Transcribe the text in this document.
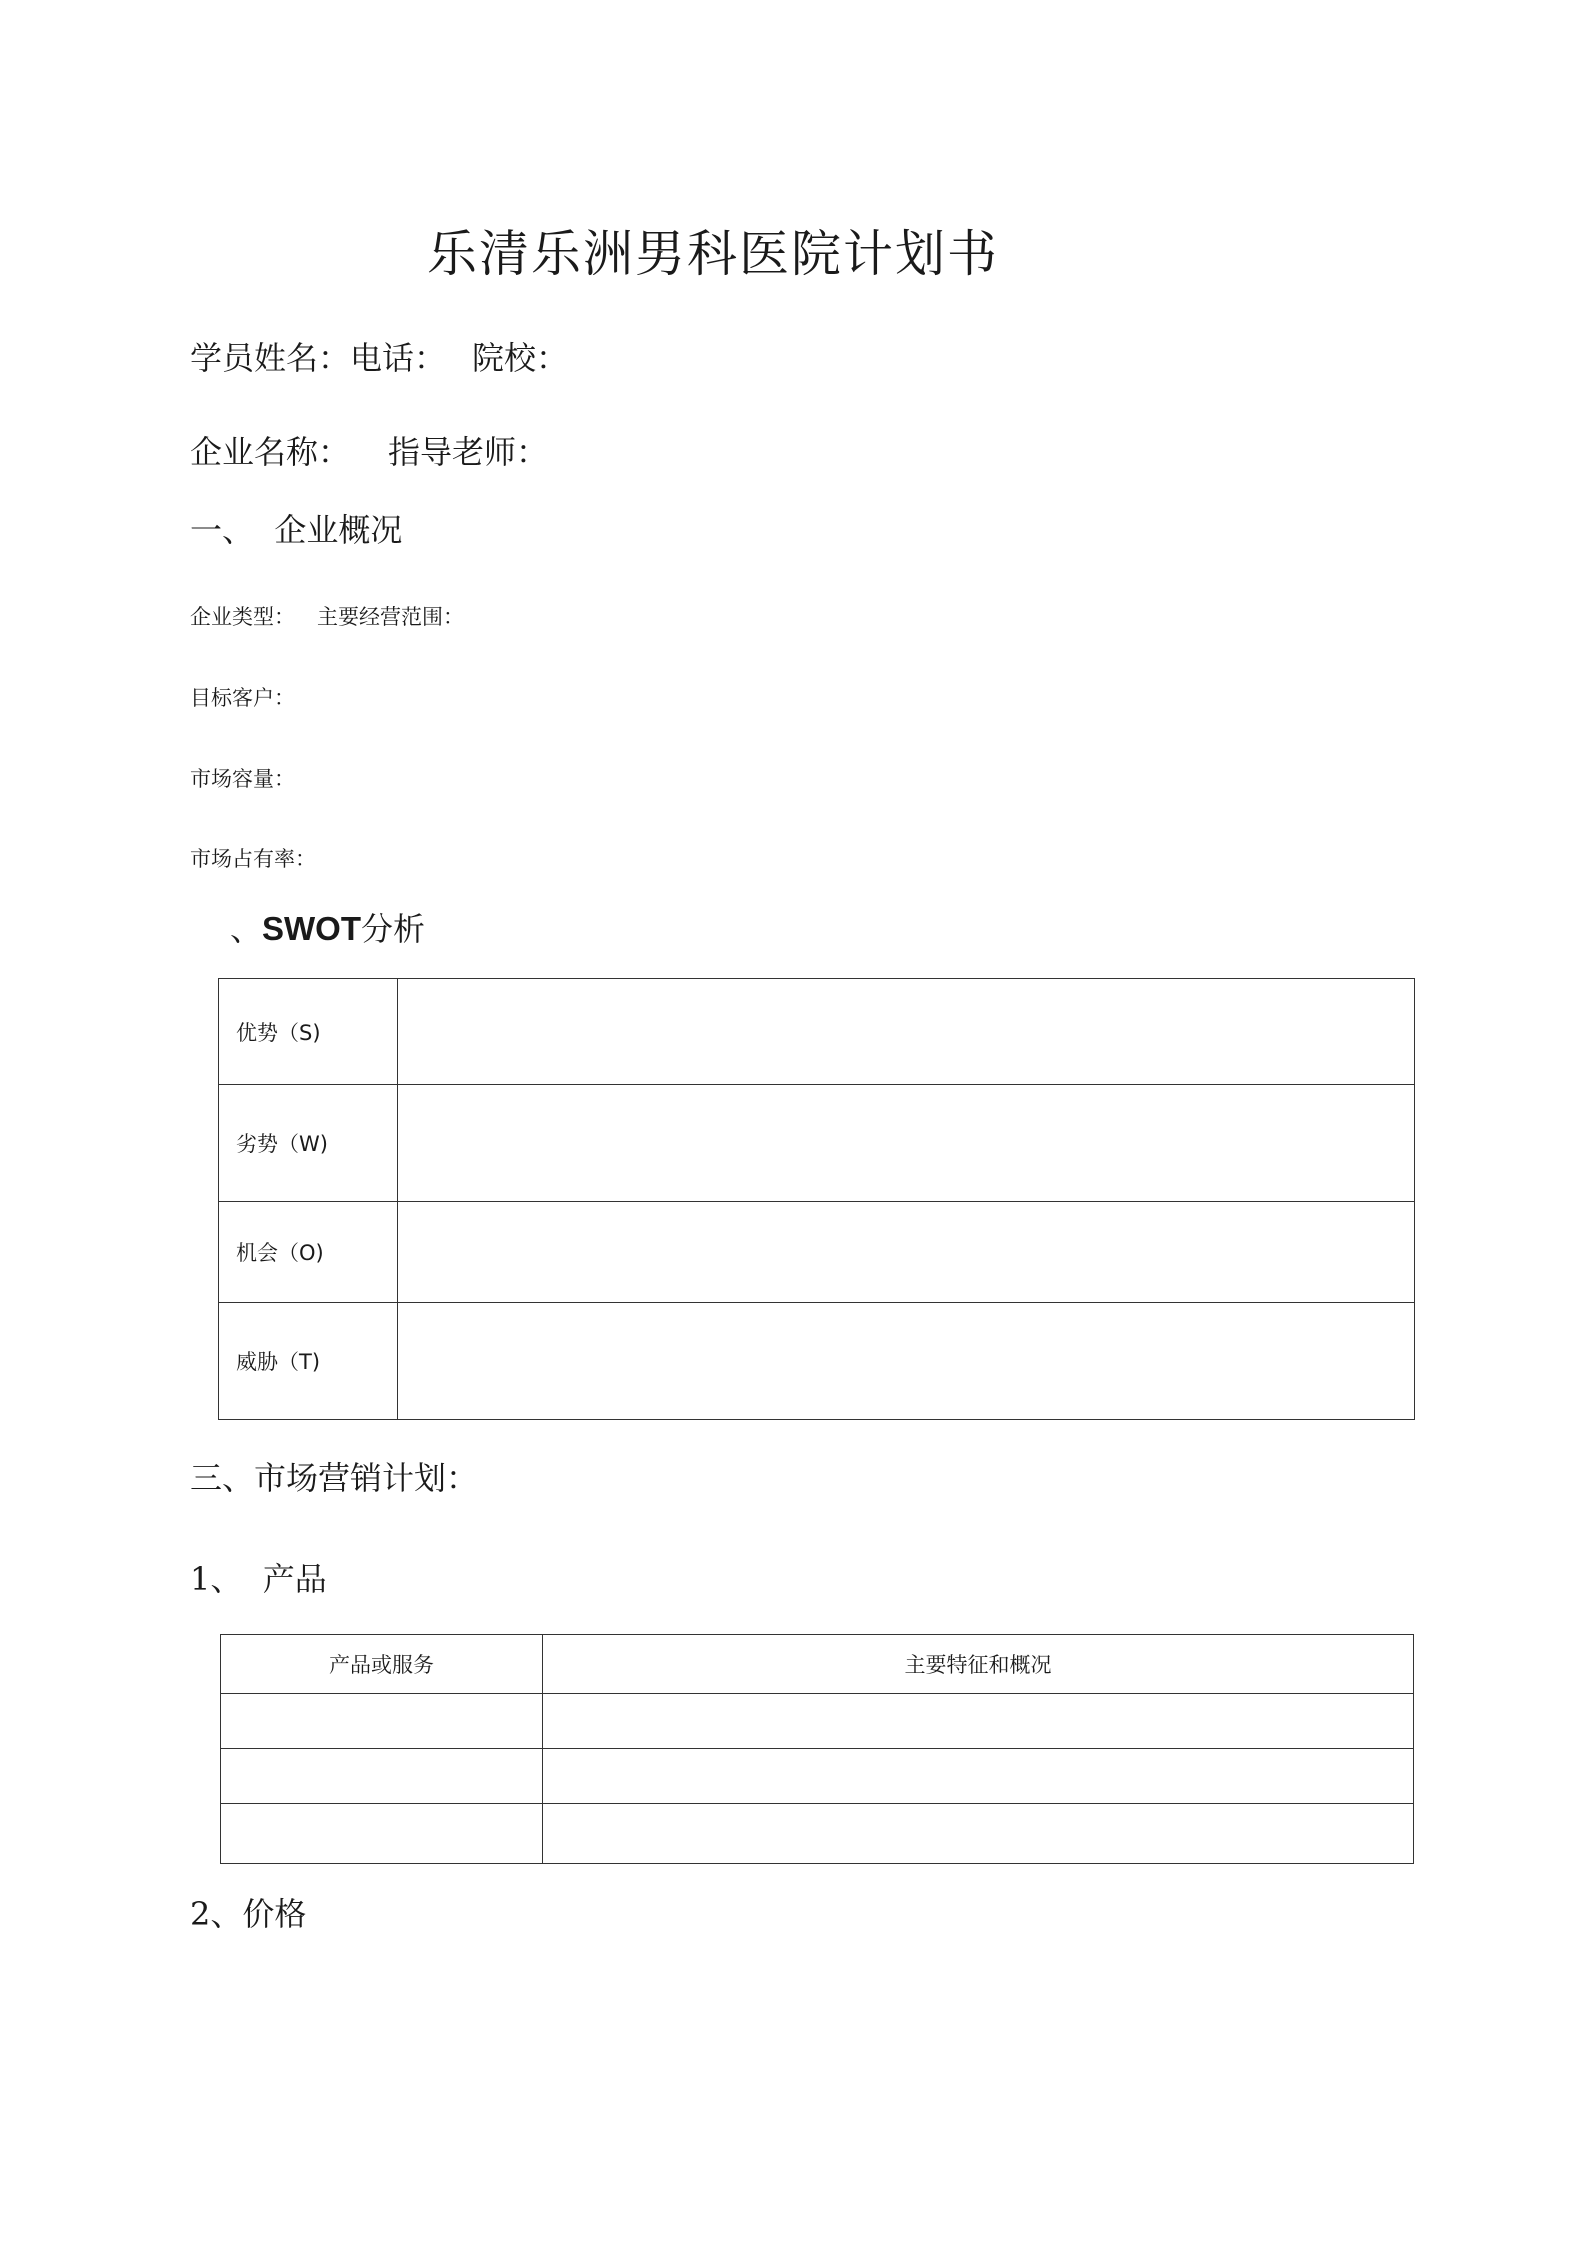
乐清乐洲男科医院计划书
学员姓名：电话： 院校：
企业名称： 指导老师：
一、  企业概况
企业类型： 主要经营范围：
目标客户：
市场容量：
市场占有率：
、SWOT分析
优势（S)	
劣势（W)	
机会（O)	
威胁（T)	
三、市场营销计划：
1、  产品
产品或服务	主要特征和概况

2、价格
